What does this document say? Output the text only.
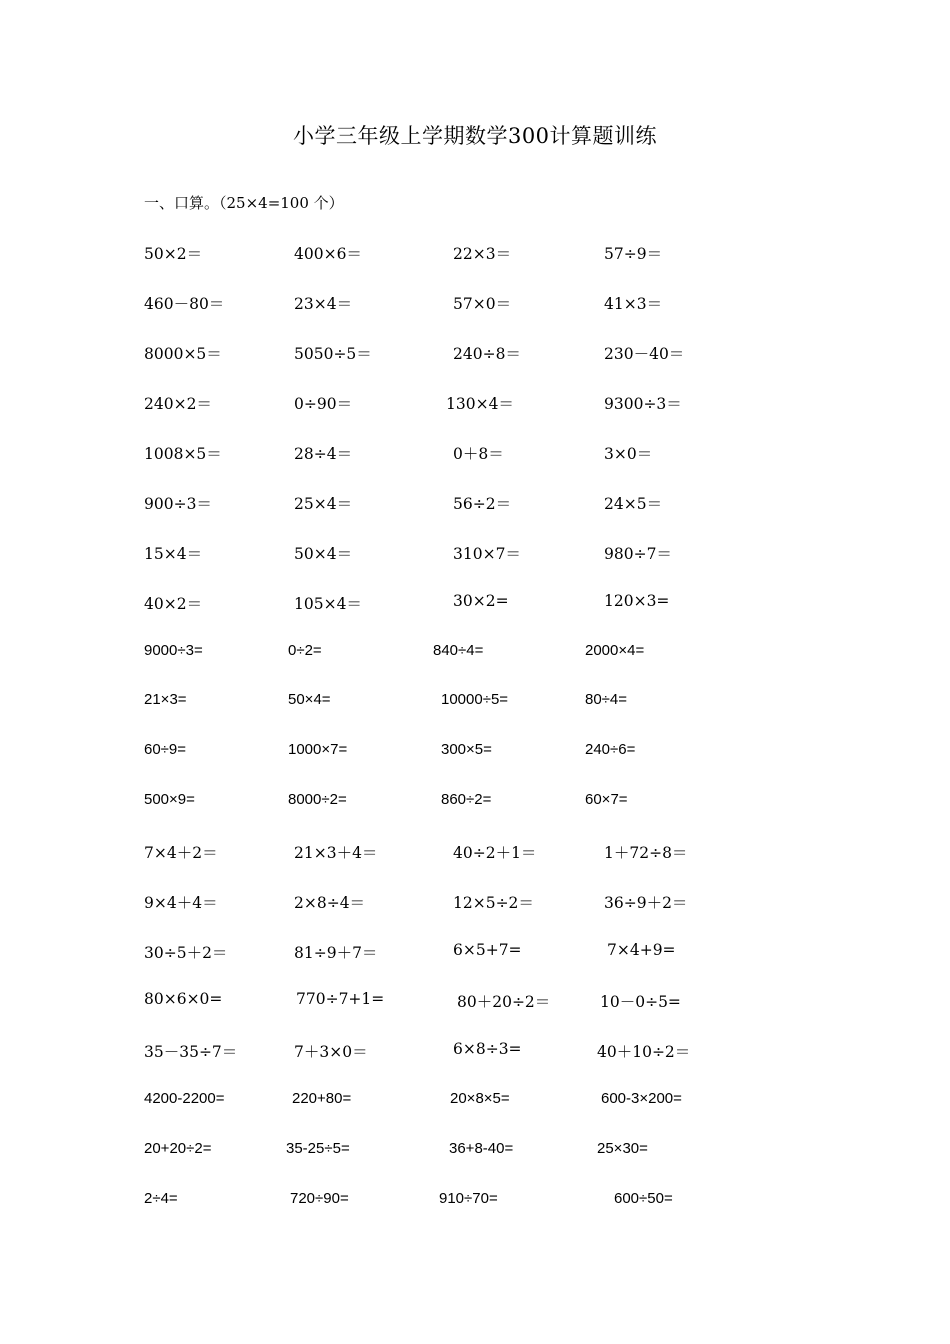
小学三年级上学期数学300计算题训练
一、口算。（25×4=100 个）
50×2＝	400×6＝	22×3＝	57÷9＝
460－80＝	23×4＝	57×0＝	41×3＝
8000×5＝	5050÷5＝	240÷8＝	230－40＝
240×2＝	0÷90＝	130×4＝	9300÷3＝
1008×5＝	28÷4＝	0＋8＝	3×0＝
900÷3＝	25×4＝	56÷2＝	24×5＝
15×4＝	50×4＝	310×7＝	980÷7＝
40×2＝	105×4＝	30×2=	120×3=
9000÷3=	0÷2=	840÷4=	2000×4=
21×3=	50×4=	10000÷5=	80÷4=
60÷9=	1000×7=	300×5=	240÷6=
500×9=	8000÷2=	860÷2=	60×7=
7×4＋2＝	21×3＋4＝	40÷2＋1＝	1＋72÷8＝
9×4＋4＝	2×8÷4＝	12×5÷2＝	36÷9＋2＝
30÷5＋2＝	81÷9＋7＝	6×5+7=	7×4+9=
80×6×0=	770÷7+1=	80＋20÷2＝	10－0÷5=
35－35÷7＝	7＋3×0＝	6×8÷3=	40＋10÷2＝
4200-2200=	220+80=	20×8×5=	600-3×200=
20+20÷2=	35-25÷5=	36+8-40=	25×30=
2÷4=	720÷90=	910÷70=	600÷50=
